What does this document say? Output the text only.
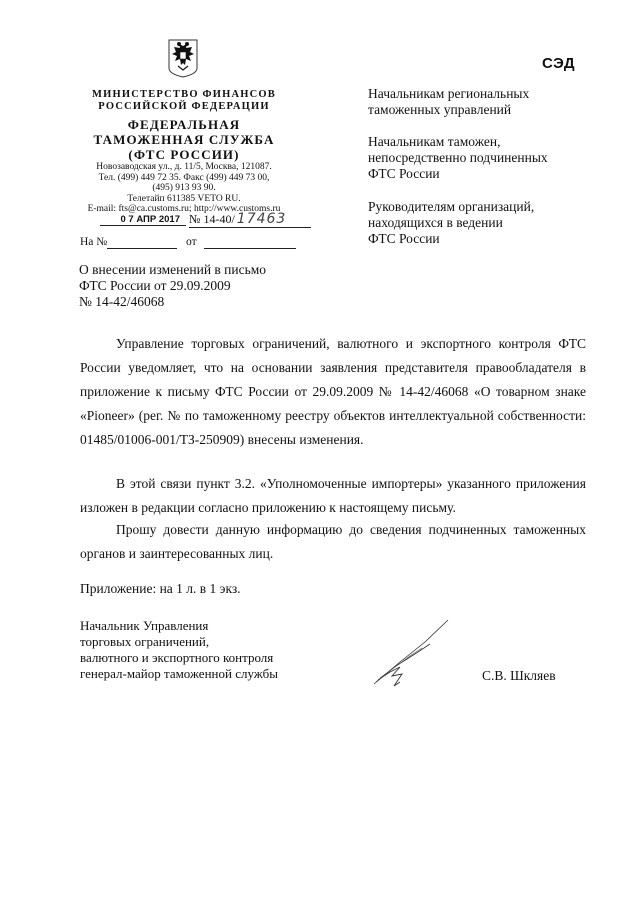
МИНИСТЕРСТВО ФИНАНСОВ
РОССИЙСКОЙ ФЕДЕРАЦИИ
ФЕДЕРАЛЬНАЯ
ТАМОЖЕННАЯ СЛУЖБА
(ФТС РОССИИ)
Новозаводская ул., д. 11/5, Москва, 121087.
Тел. (499) 449 72 35. Факс (499) 449 73 00,
(495) 913 93 90.
Телетайп 611385 VETO RU.
E-mail: fts@ca.customs.ru; http://www.customs.ru
0 7 АПР 2017 № 14-40/ 17463
На №	от
СЭД
Начальникам региональных
таможенных управлений
Начальникам таможен,
непосредственно подчиненных
ФТС России
Руководителям организаций,
находящихся в ведении
ФТС России
О внесении изменений в письмо
ФТС России от 29.09.2009
№ 14-42/46068
Управление торговых ограничений, валютного и экспортного контроля ФТС России уведомляет, что на основании заявления представителя правообладателя в приложение к письму ФТС России от 29.09.2009 № 14-42/46068 «О товарном знаке «Pioneer» (рег. № по таможенному реестру объектов интеллектуальной собственности: 01485/01006-001/ТЗ-250909) внесены изменения.
В этой связи пункт 3.2. «Уполномоченные импортеры» указанного приложения изложен в редакции согласно приложению к настоящему письму.
Прошу довести данную информацию до сведения подчиненных таможенных органов и заинтересованных лиц.
Приложение: на 1 л. в 1 экз.
Начальник Управления
торговых ограничений,
валютного и экспортного контроля
генерал-майор таможенной службы	С.В. Шкляев
